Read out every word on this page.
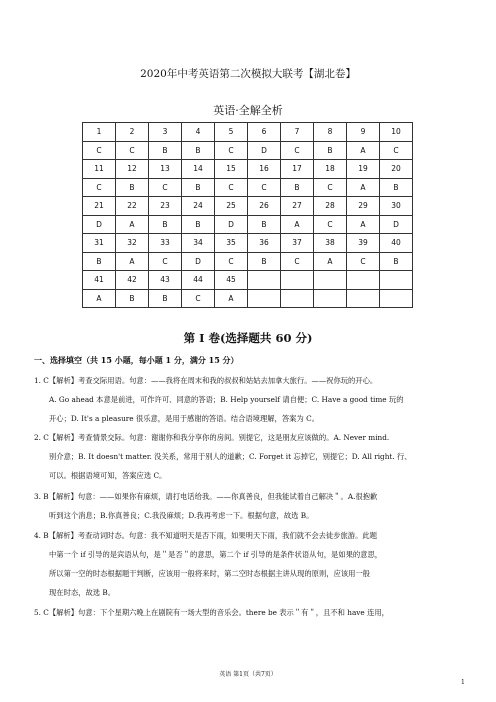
2020年中考英语第二次模拟大联考【湖北卷】
英语·全解全析
1	2	3	4	5	6	7	8	9	10
C	C	B	B	C	D	C	B	A	C
11	12	13	14	15	16	17	18	19	20
C	B	C	B	C	C	B	C	A	B
21	22	23	24	25	26	27	28	29	30
D	A	B	B	D	B	A	C	A	D
31	32	33	34	35	36	37	38	39	40
B	A	C	D	C	B	C	A	C	B
41	42	43	44	45					
A	B	B	C	A					
第 I 卷(选择题共 60 分)
一、选择填空（共 15 小题，每小题 1 分，满分 15 分）

1. C【解析】考查交际用语。句意：——我将在周末和我的叔叔和姑姑去加拿大旅行。——祝你玩的开心。

A. Go ahead 本意是前进，可作许可、同意的答语；B. Help yourself 请自便；C. Have a good time 玩的

开心；D. It's a pleasure 很乐意，是用于感谢的答语。结合语境理解，答案为 C。

2. C【解析】考查情景交际。句意：谢谢你和我分享你的房间。别提它，这是朋友应该做的。A. Never mind.

别介意；B. It doesn't matter. 没关系，常用于别人的道歉；C. Forget it 忘掉它，别提它；D. All right. 行、

可以。根据语境可知，答案应选 C。

3. B【解析】句意：——如果你有麻烦，请打电话给我。——你真善良，但我能试着自己解决＂。A.很抱歉

听到这个消息；B.你真善良；C.我没麻烦；D.我再考虑一下。根据句意，故选 B。

4. B【解析】考查动词时态。句意：我不知道明天是否下雨，如果明天下雨，我们就不会去徒步旅游。此题

中第一个 if 引导的是宾语从句，是＂是否＂的意思，第二个 if 引导的是条件状语从句，是如果的意思，

所以第一空的时态根据题干判断，应该用一般将来时，第二空时态根据主讲从现的原则，应该用一般

现在时态，故选 B。

5. C【解析】句意：下个星期六晚上在剧院有一场大型的音乐会。there be 表示＂有＂，且不和 have 连用，

英语 第1页（共7页）
1
